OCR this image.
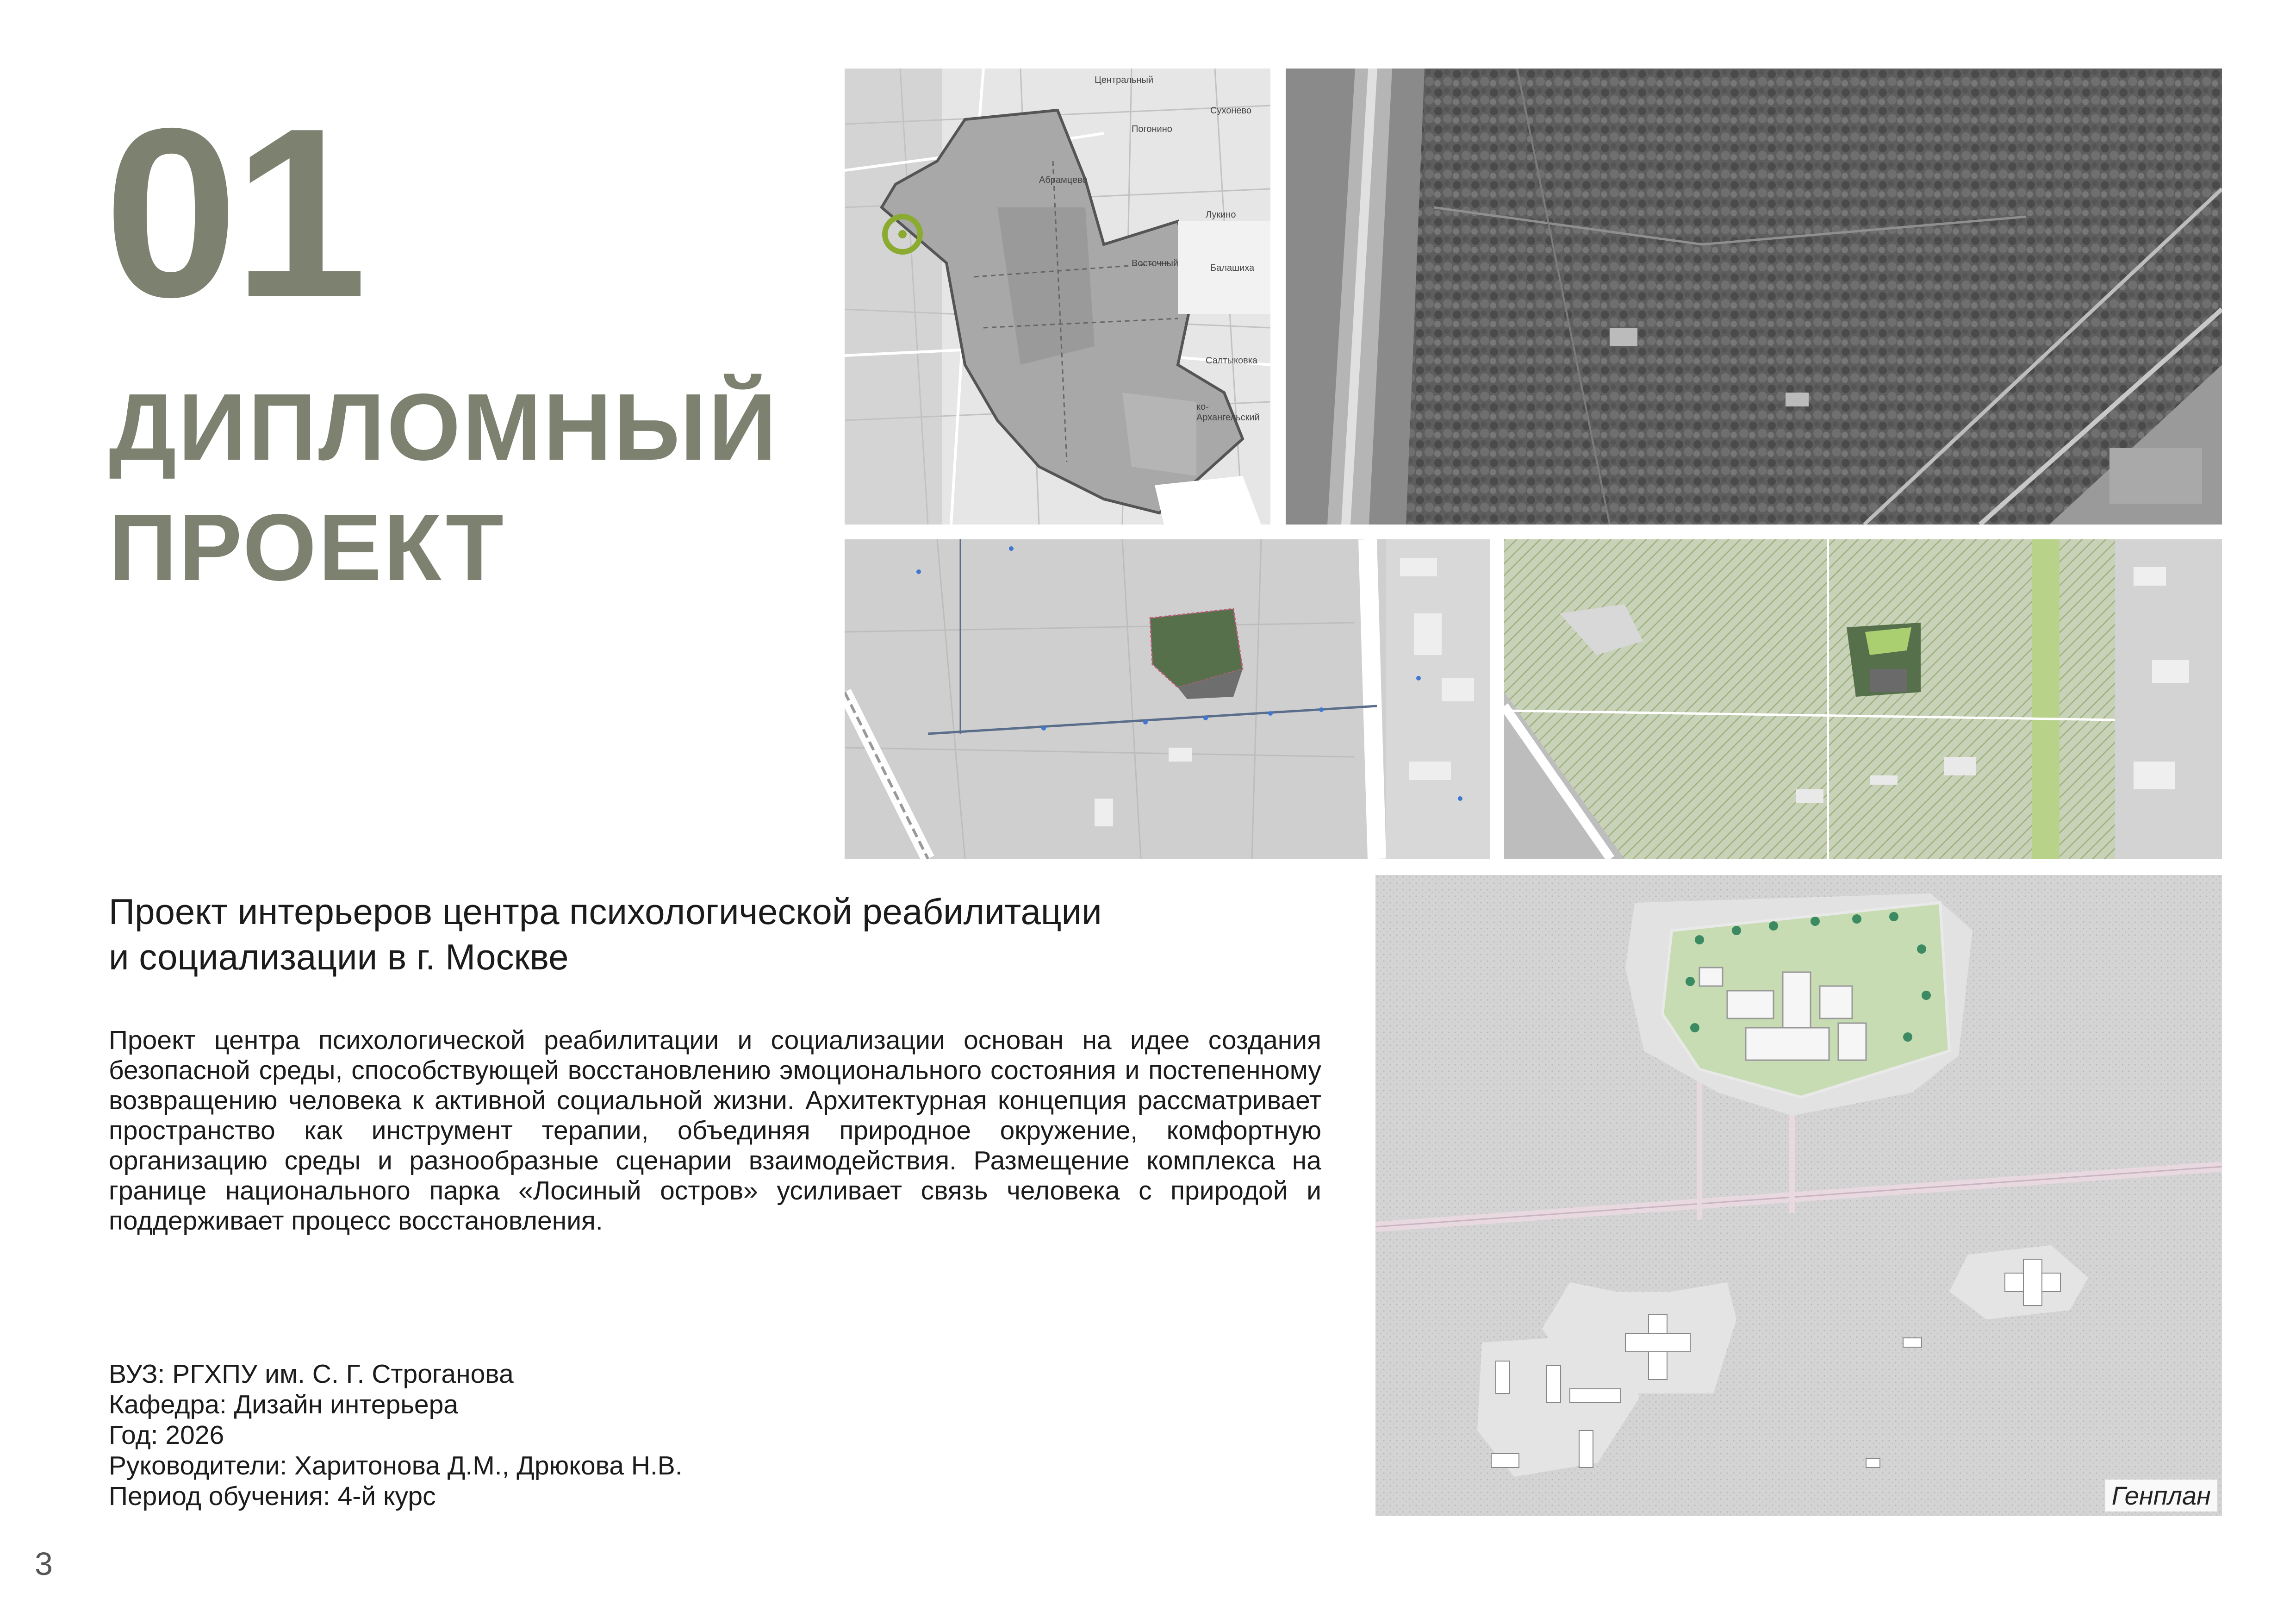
01
ДИПЛОМНЫЙ
ПРОЕКТ
Центральный
Сухонево
Погонино
Абрамцево
Лукино
Восточный	Балашиха
Салтыковка
ко-Архангельский
Генплан
Проект интерьеров центра психологической реабилитации
и социализации в г. Москве
Проект центра психологической реабилитации и социализации основан на идее создания безопасной среды, способствующей восстановлению эмоционального состояния и постепенному возвращению человека к активной социальной жизни. Архитектурная концепция рассматривает пространство как инструмент терапии, объединяя природное окружение, комфортную организацию среды и разнообразные сценарии взаимодействия. Размещение комплекса на границе национального парка «Лосиный остров» усиливает связь человека с природой и поддерживает процесс восстановления.
ВУЗ: РГХПУ им. С. Г. Строганова
Кафедра: Дизайн интерьера
Год: 2026
Руководители: Харитонова Д.М., Дрюкова Н.В.
Период обучения: 4-й курс
3
